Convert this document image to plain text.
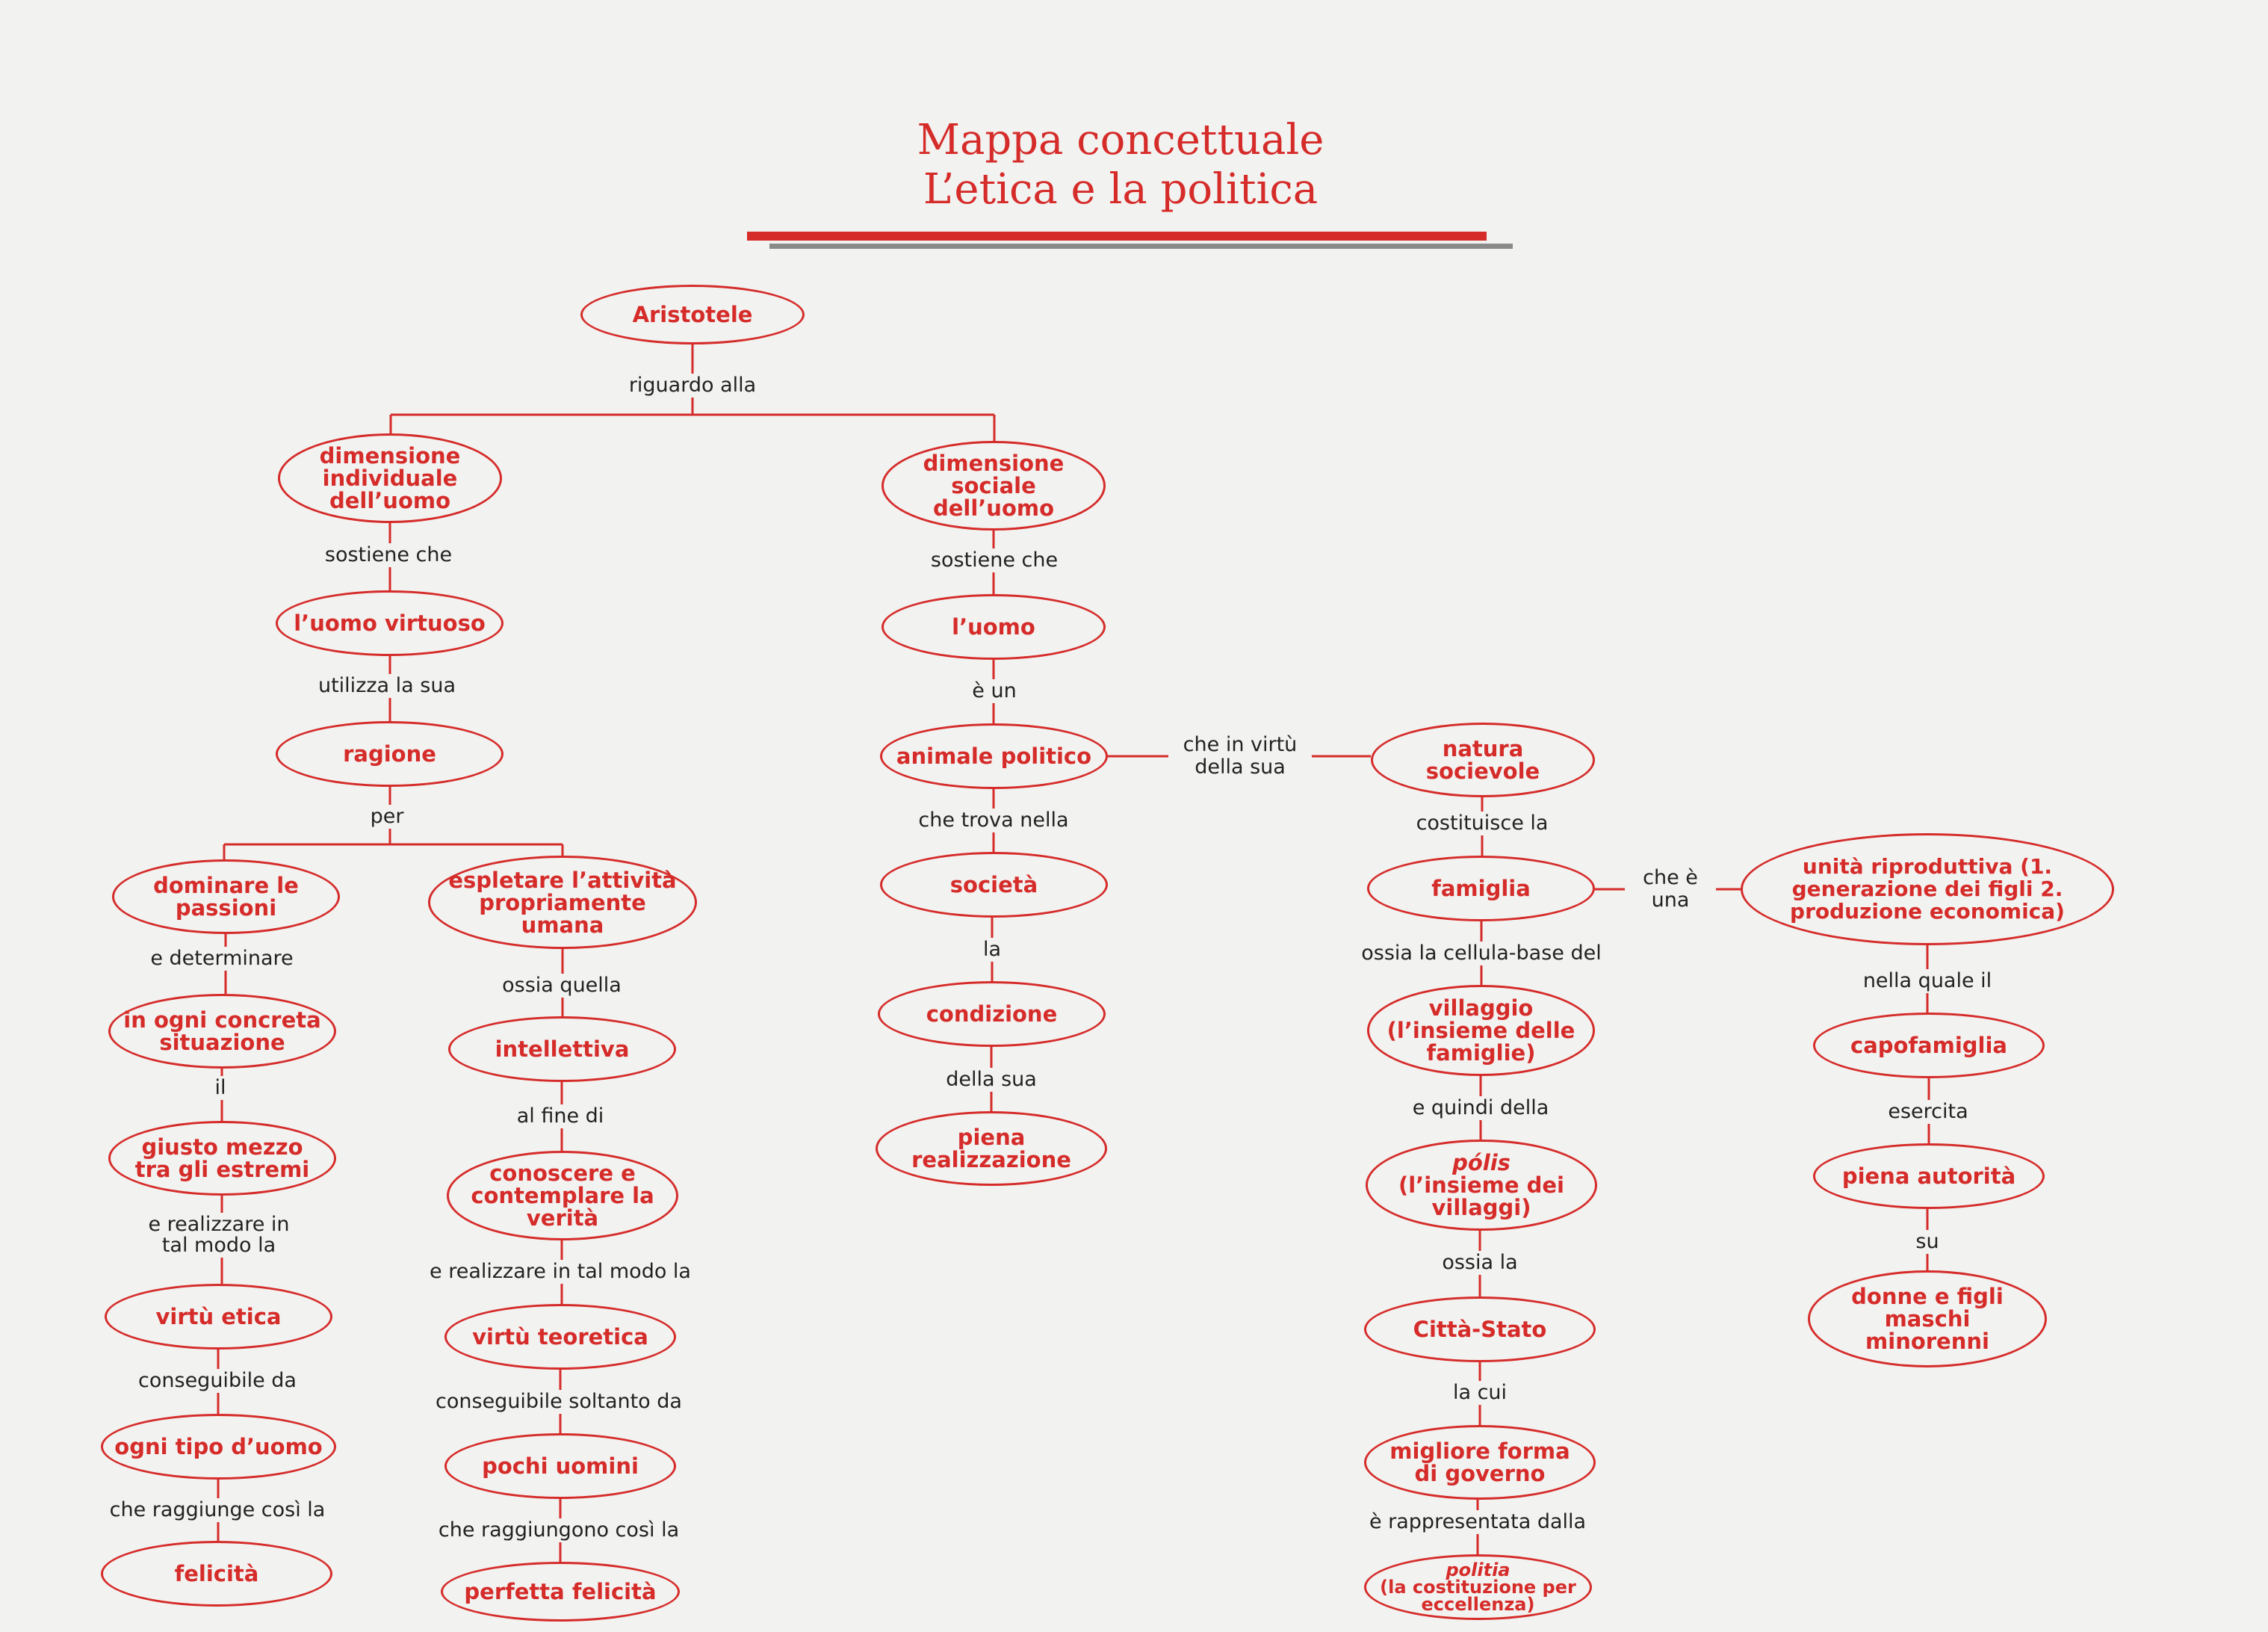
Mappa concettuale
L’etica e la politica
Aristotele
dimensione individuale dell’uomo
dimensione sociale dell’uomo
l’uomo virtuoso
ragione
dominare le passioni
espletare l’attività propriamente umana
in ogni concreta situazione
giusto mezzo tra gli estremi
virtù etica
ogni tipo d’uomo
felicità
intellettiva
conoscere e contemplare la verità
virtù teoretica
pochi uomini
perfetta felicità
l’uomo
animale politico
società
condizione
piena realizzazione
natura socievole
famiglia
villaggio (l’insieme delle famiglie)
pólis
(l’insieme dei villaggi)
Città-Stato
migliore forma di governo
politia
(la costituzione per eccellenza)
unità riproduttiva (1. generazione dei figli 2. produzione economica)
capofamiglia
piena autorità
donne e figli maschi minorenni
riguardo alla
sostiene che
utilizza la sua
per
e determinare
il
e realizzare in tal modo la
conseguibile da
che raggiunge così la
ossia quella
al fine di
e realizzare in tal modo la
conseguibile soltanto da
che raggiungono così la
sostiene che
è un
che trova nella
la
della sua
che in virtù della sua
costituisce la
ossia la cellula-base del
e quindi della
ossia la
la cui
è rappresentata dalla
che è una
nella quale il
esercita
su
